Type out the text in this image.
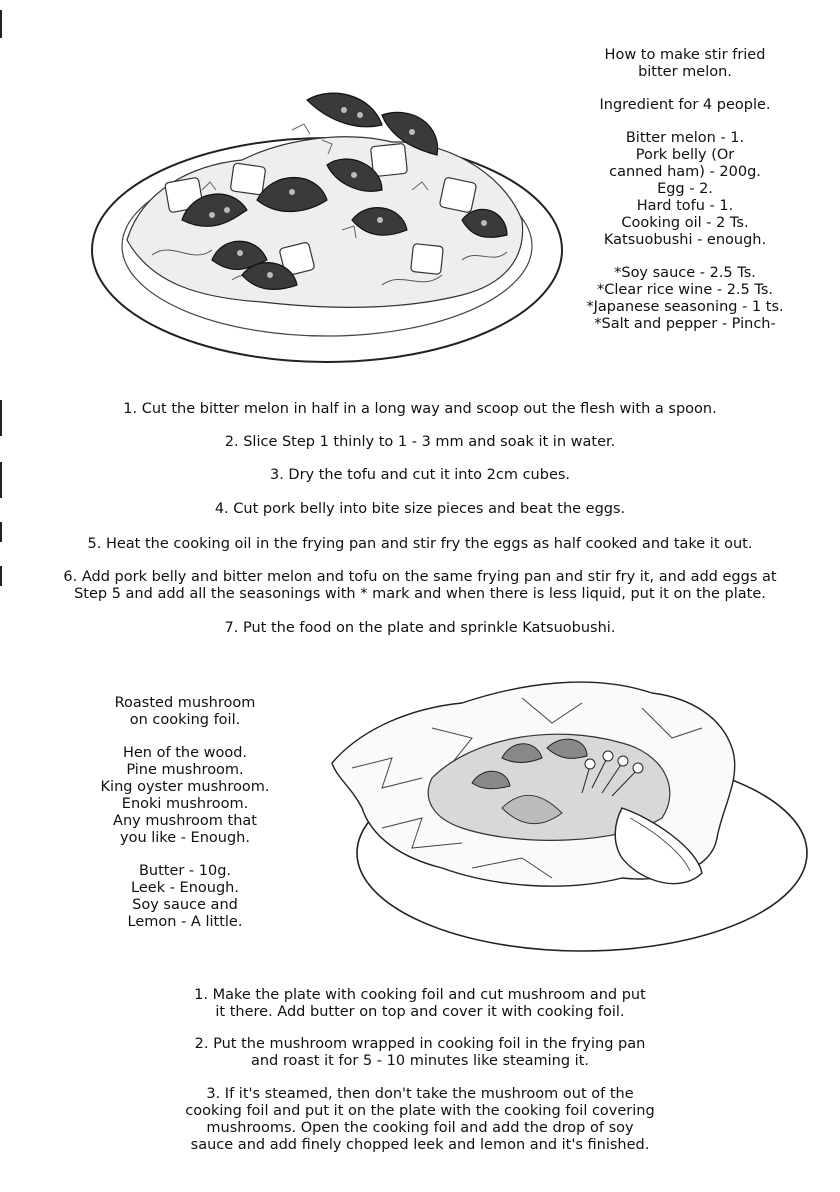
How to make stir fried
bitter melon.
Ingredient for 4 people.
Bitter melon - 1.
Pork belly (Or
canned ham) - 200g.
Egg - 2.
Hard tofu - 1.
Cooking oil - 2 Ts.
Katsuobushi - enough.
*Soy sauce - 2.5 Ts.
*Clear rice wine - 2.5 Ts.
*Japanese seasoning - 1 ts.
*Salt and pepper - Pinch-
1. Cut the bitter melon in half in a long way and scoop out the flesh with a spoon.
2. Slice Step 1 thinly to 1 - 3 mm and soak it in water.
3. Dry the tofu and cut it into 2cm cubes.
4. Cut pork belly into bite size pieces and beat the eggs.
5. Heat the cooking oil in the frying pan and stir fry the eggs as half cooked and take it out.
6. Add pork belly and bitter melon and tofu on the same frying pan and stir fry it, and add eggs at
Step 5 and add all the seasonings with * mark and when there is less liquid, put it on the plate.
7. Put the food on the plate and sprinkle Katsuobushi.
Roasted mushroom
on cooking foil.
Hen of the wood.
Pine mushroom.
King oyster mushroom.
Enoki mushroom.
Any mushroom that
you like - Enough.
Butter - 10g.
Leek - Enough.
Soy sauce and
Lemon - A little.
1. Make the plate with cooking foil and cut mushroom and put
it there. Add butter on top and cover it with cooking foil.
2. Put the mushroom wrapped in cooking foil in the frying pan
and roast it for 5 - 10 minutes like steaming it.
3. If it's steamed, then don't take the mushroom out of the
cooking foil and put it on the plate with the cooking foil covering
mushrooms. Open the cooking foil and add the drop of soy
sauce and add finely chopped leek and lemon and it's finished.
